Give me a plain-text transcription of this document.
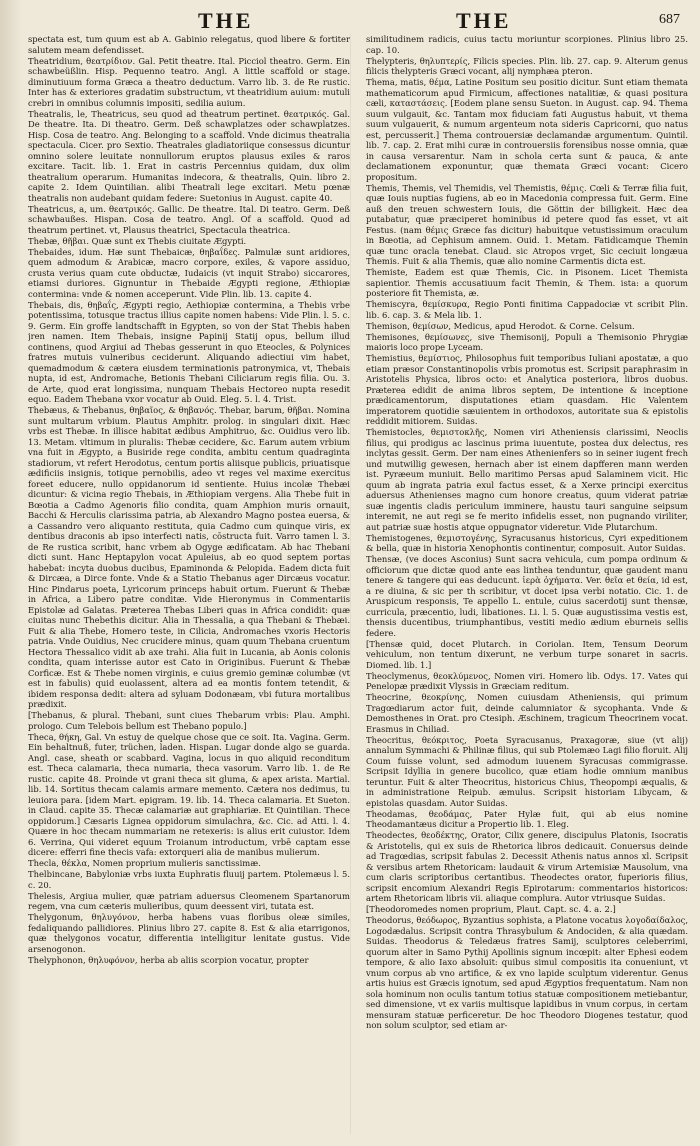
THE	THE	687

spectata est, tum quum est ab A. Gabinio relegatus, quod libere & fortiter salutem meam defendisset.

Theatridium, θεατρίδιον. Gal. Petit theatre. Ital. Picciol theatro. Germ. Ein schawbeüßlin. Hisp. Pequenno teatro. Angl. A little scaffold or stage. diminutiuum forma Græca a theatro deductum. Varro lib. 3. de Re rustic. Inter has & exteriores gradatim substructum, vt theatridium auium: mutuli crebri in omnibus columnis impositi, sedilia auium.

Theatralis, le, Theatricus, seu quod ad theatrum pertinet. θεατρικός. Gal. De theatre. Ita. Di theatro. Germ. Deß schawplatzes oder schawplatzes. Hisp. Cosa de teatro. Ang. Belonging to a scaffold. Vnde dicimus theatralia spectacula. Cicer. pro Sextio. Theatrales gladiatoriique consessus dicuntur omnino solere leuitate nonnullorum eruptos plausus exiles & raros excitare. Tacit. lib. 1. Erat in castris Percennius quidam, dux olim theatralium operarum. Humanitas indecora, & theatralis, Quin. libro 2. capite 2. Idem Quintilian. alibi Theatrali lege excitari. Metu pœnæ theatralis non audebant quidam federe: Suetonius in August. capite 40.

Theatricus, a, um. θεατρικός. Gallic. De theatre. Ital. Di teatro. Germ. Deß schawbaußes. Hispan. Cosa de teatro. Angl. Of a scaffold. Quod ad theatrum pertinet. vt, Plausus theatrici, Spectacula theatrica.

Thebæ, θῆβαι. Quæ sunt ex Thebis ciuitate Ægypti.

Thebaides, idum. Hæ sunt Thebaicæ, θηβαΐδες. Palmulæ sunt aridiores, quem admodum & Arabicæ, macro corpore, exiles, & vapore assiduo, crusta verius quam cute obductæ, Iudaicis (vt inquit Strabo) siccarores, etiamsi duriores. Gignuntur in Thebaide Ægypti regione, Æthiopiæ contermina: vnde & nomen acceperunt. Vide Plin. lib. 13. capite 4.

Thebais, dis, θηβαΐς, Ægypti regio, Aethiopiæ contermina, a Thebis vrbe potentissima, totusque tractus illius capite nomen habens: Vide Plin. l. 5. c. 9. Germ. Ein groffe landtschafft in Egypten, so von der Stat Thebis haben jren namen. Item Thebais, insigne Papinij Statij opus, bellum illud continens, quod Argiui ad Thebas gesserunt in quo Eteocles, & Polynices fratres mutuis vulneribus ceciderunt. Aliquando adiectiui vim habet, quemadmodum & cætera eiusdem terminationis patronymica, vt, Thebais nupta, id est, Andromache, Betionis Thebani Ciliciarum regis filia. Ou. 3. de Arte, quod erat longissima, nunquam Thebais Hectoreo nupta resedit equo. Eadem Thebana vxor vocatur ab Ouid. Eleg. 5. l. 4. Trist.

Thebæus, & Thebanus, θηβαῖος, & θηβανός. Thebar, barum, θῆβαι. Nomina sunt multarum vrbium. Plautus Amphitr. prolog. in singulari dixit. Hæc vrbs est Thebæ. In illisce habitat ædibus Amphitruo, &c. Ouidius vero lib. 13. Metam. vltimum in pluralis: Thebæ cecidere, &c. Earum autem vrbium vna fuit in Ægypto, a Busiride rege condita, ambitu centum quadraginta stadiorum, vt refert Herodotus, centum portis aliisque publicis, priuatisque ædificiis insignis, totique pernobilis, adeo vt reges vel maxime exercitus foreet educere, nullo oppidanorum id sentiente. Huius incolæ Thebæi dicuntur: & vicina regio Thebais, in Æthiopiam vergens. Alia Thebe fuit in Bœotia a Cadmo Agenoris filio condita, quam Amphion muris ornauit, Bacchi & Herculis clarissima patria, ab Alexandro Magno postea euersa, & a Cassandro vero aliquanto restituta, quia Cadmo cum quinque viris, ex dentibus draconis ab ipso interfecti natis, cōstructa fuit. Varro tamen l. 3. de Re rustica scribit, hanc vrbem ab Ogyge ædificatam. Ab hac Thebani dicti sunt. Hanc Heptapylon vocat Apuleius, ab eo quod septem portas habebat: incyta duobus ducibus, Epaminonda & Pelopida. Eadem dicta fuit & Dircæa, a Dirce fonte. Vnde & a Statio Thebanus ager Dircæus vocatur. Hinc Pindarus poeta, Lyricorum princeps habuit ortum. Fuerunt & Thebæ in Africa, a Libero patre conditæ. Vide Hieronymus in Commentariis Epistolæ ad Galatas. Præterea Thebas Liberi quas in Africa condidit: quæ ciuitas nunc Thebethis dicitur. Alia in Thessalia, a qua Thebani & Thebæi. Fuit & alia Thebe, Homero teste, in Cilicia, Andromaches vxoris Hectoris patria. Vnde Ouidius, Nec crucidere minus, quam quum Thebana cruentum Hectora Thessalico vidit ab axe trahi. Alia fuit in Lucania, ab Aonis colonis condita, quam interisse autor est Cato in Originibus. Fuerunt & Thebæ Corficæ. Est & Thebe nomen virginis, e cuius gremio geminæ columbæ (vt est in fabulis) quid euolassent, altera ad ea montis fontem tetendit, & ibidem responsa dedit: altera ad syluam Dodonæam, vbi futura mortalibus prædixit.

[Thebanus, & plural. Thebani, sunt ciues Thebarum vrbis: Plau. Amphi. prologo. Cum Telebois bellum est Thebano populo.]

Theca, θήκη, Gal. Vn estuy de quelque chose que ce soit. Ita. Vagina. Germ. Ein behaltnuß, futer, trüchen, laden. Hispan. Lugar donde algo se guarda. Angl. case, sheath or scabbard. Vagina, locus in quo aliquid reconditum est. Theca calamaria, theca numaria, theca vasorum. Varro lib. 1. de Re rustic. capite 48. Proinde vt grani theca sit gluma, & apex arista. Martial. lib. 14. Sortitus thecam calamis armare memento. Cætera nos dedimus, tu leuiora para. [idem Mart. epigram. 19. lib. 14. Theca calamaria. Et Sueton. in Claud. capite 35. Thecæ calamariæ aut graphiariæ. Et Quintilian. Thece oppidorum.] Cæsaris Lignea oppidorum simulachra, &c. Cic. ad Atti. l. 4. Quære in hoc thecam nummariam ne retexeris: is alius erit cuiustor. Idem 6. Verrina, Qui videret equum Troianum introductum, vrbē captam esse dicere: efferri fine thecis vafa: extorqueri alia de manibus mulierum.

Thecla, θέκλα, Nomen proprium mulieris sanctissimæ.

Thelbincane, Babyloniæ vrbs iuxta Euphratis fluuij partem. Ptolemæus l. 5. c. 20.

Thelesis, Argiua mulier, quæ patriam aduersus Cleomenem Spartanorum regem, vna cum cæteris mulieribus, quum deessent viri, tutata est.

Thelygonum, θηλυγόνον, herba habens vuas floribus oleæ similes, fedaliquando pallidiores. Plinius libro 27. capite 8. Est & alia etarrigonos, quæ thelygonos vocatur, differentia intelligitur lenitate gustus. Vide arsenogonon.

Thelyphonon, θηλυφόνον, herba ab aliis scorpion vocatur, propter

similitudinem radicis, cuius tactu moriuntur scorpiones. Plinius libro 25. cap. 10.

Thelypteris, θηλυπτερίς, Filicis species. Plin. lib. 27. cap. 9. Alterum genus filicis thelypteris Græci vocant, alij nymphæa pteron.

Thema, matis, θέμα, Latine Positum seu positio dicitur. Sunt etiam themata mathematicorum apud Firmicum, affectiones natalitiæ, & quasi positura cæli, καταστάσεις. [Eodem plane sensu Sueton. in August. cap. 94. Thema suum vulgauit, &c. Tantam mox fiduciam fati Augustus habuit, vt thema suum vulgauerit, & numum argenteum nota sideris Capricorni, quo natus est, percusserit.] Thema controuersiæ declamandæ argumentum. Quintil. lib. 7. cap. 2. Erat mihi curæ in controuersiis forensibus nosse omnia, quæ in causa versarentur. Nam in schola certa sunt & pauca, & ante declamationem exponuntur, quæ themata Græci vocant: Cicero propositum.

Themis, Themis, vel Themidis, vel Themistis, θέμις. Cœli & Terræ filia fuit, quæ Iouis nuptias fugiens, ab eo in Macedonia compressa fuit. Germ. Eine auß den treuen schwestern Iouis, die Göttin der billigkeit. Hæc dea putabatur, quæ præciperet hominibus id petere quod fas esset, vt ait Festus. (nam θέμις Græce fas dicitur) habuitque vetustissimum oraculum in Bœotia, ad Cephisum amnem. Ouid. 1. Metam. Fatidicamque Themin quæ tunc oracla tenebat. Claud. sic Atropos vrget, Sic ceciuit longæua Themis. Fuit & alia Themis, quæ alio nomine Carmentis dicta est.

Themiste, Eadem est quæ Themis, Cic. in Pisonem. Licet Themista sapientior. Themis accusatiuum facit Themin, & Them. ista: a quorum posteriore fit Themista, æ.

Themiscyra, θεμίσκυρα, Regio Ponti finitima Cappadociæ vt scribit Plin. lib. 6. cap. 3. & Mela lib. 1.

Themison, θεμίσων, Medicus, apud Herodot. & Corne. Celsum.

Themisones, θεμίσωνες, sive Themisonij, Populi a Themisonio Phrygiæ maioris loco prope Lyceam.

Themistius, θεμίστιος, Philosophus fuit temporibus Iuliani apostatæ, a quo etiam præsor Constantinopolis vrbis promotus est. Scripsit paraphrasim in Aristotelis Physica, libros octo: et Analytica posteriora, libros duobus. Præterea edidit de anima libros septem, De intentione & inceptione prædicamentorum, disputationes etiam quasdam. Hic Valentem imperatorem quotidie sæuientem in orthodoxos, autoritate sua & epistolis reddidit mitiorem. Suidas.

Themistocles, θεμιστοκλῆς, Nomen viri Atheniensis clarissimi, Neoclis filius, qui prodigus ac lascinus prima iuuentute, postea dux delectus, res inclytas gessit. Germ. Der nam eines Athenienfers so in seiner iugent frech und mutwillig gewesen, hernach aber ist einem dapfferen mann werden ist. Pyræeum muniuit. Bello maritimo Persas apud Salaminem vicit. Hic quum ab ingrata patria exul factus esset, & a Xerxe principi exercitus aduersus Athenienses magno cum honore creatus, quum viderat patriæ suæ ingentis cladis periculum imminere, haustu tauri sanguine seipsum interemit, ne aut regi se fe merito infidelis esset, non pugnando viriliter, aut patriæ suæ hostis atque oppugnator videretur. Vide Plutarchum.

Themistogenes, θεμιστογένης, Syracusanus historicus, Cyri expeditionem & bella, quæ in historia Xenophontis continentur, composuit. Autor Suidas.

Thensæ, (ve doces Asconius) Sunt sacra vehicula, cum pompa ordinum & officiorum que dictæ quod ante eas linthea tenduntur, quæ gaudent manu tenere & tangere qui eas deducunt. ἱερὰ ὀχήματα. Ver. θεῖα et θεία, id est, a re diuina, & sic per th scribitur, vt docet ipsa verbi notatio. Cic. 1. de Aruspicum responsis, Te appello L. entule, cuius sacerdotij sunt thensæ, curricula, præcentio, ludi, libationes. Li. l. 5. Quæ augustissima vestis est, thensis ducentibus, triumphantibus, vestiti medio ædium eburneis sellis federe.

[Thensæ quid, docet Plutarch. in Coriolan. Item, Tensum Deorum vehiculum, non tentum dixerunt, ne verbum turpe sonaret in sacris. Diomed. lib. 1.]

Theoclymenus, θεοκλύμενος, Nomen viri. Homero lib. Odys. 17. Vates qui Penelopæ prædixit Vlyssis in Græciam reditum.

Theocrine, θεοκρίνης, Nomen cuiusdam Atheniensis, qui primum Tragœdiarum actor fuit, deinde calumniator & sycophanta. Vnde & Demosthenes in Orat. pro Ctesiph. Æschinem, tragicum Theocrinem vocat. Erasmus in Chiliad.

Theocritus, θεόκριτος, Poeta Syracusanus, Praxagoræ, siue (vt alij) annalum Symmachi & Philinæ filius, qui sub Ptolemæo Lagi filio floruit. Alij Coum fuisse volunt, sed admodum iuuenem Syracusas commigrasse. Scripsit Idyllia in genere bucolico, quæ etiam hodie omnium manibus teruntur. Fuit & alter Theocritus, historicus Chius, Theopompi æqualis, & in administratione Reipub. æmulus. Scripsit historiam Libycam, & epistolas quasdam. Autor Suidas.

Theodamas, θεοδάμας, Pater Hylæ fuit, qui ab eius nomine Theodamantæus dicitur a Propertio lib. 1. Eleg.

Theodectes, θεοδέκτης, Orator, Cilix genere, discipulus Platonis, Isocratis & Aristotelis, qui ex suis de Rhetorica libros dedicauit. Conuersus deinde ad Tragœdias, scripsit fabulas 2. Decessit Athenis natus annos xl. Scripsit & versibus artem Rhetoricam: laudauit & virum Artemisiæ Mausolum, vna cum claris scriptoribus certantibus. Theodectes orator, fuperioris filius, scripsit encomium Alexandri Regis Epirotarum: commentarios historicos: artem Rhetoricam libris vii. aliaque complura. Autor vtriusque Suidas.

[Theodoromedes nomen proprium, Plaut. Capt. sc. 4. a. 2.]

Theodorus, θεόδωρος, Byzantius sophista, a Platone vocatus λογοδαίδαλος, Logodædalus. Scripsit contra Thrasybulum & Andociden, & alia quædam. Suidas. Theodorus & Teledæus fratres Samij, sculptores celeberrimi, quorum alter in Samo Pythij Apollinis signum incœpit: alter Ephesi eodem tempore, & alio Iaxo absoluit: quibus simul compositis ita conueniunt, vt vnum corpus ab vno artifice, & ex vno lapide sculptum viderentur. Genus artis huius est Græcis ignotum, sed apud Ægyptios frequentatum. Nam non sola hominum non oculis tantum totius statuæ compositionem metiebantur, sed dimensione, vt ex variis multisque lapidibus in vnum corpus, in certam mensuram statuæ perficeretur. De hoc Theodoro Diogenes testatur, quod non solum sculptor, sed etiam ar-
